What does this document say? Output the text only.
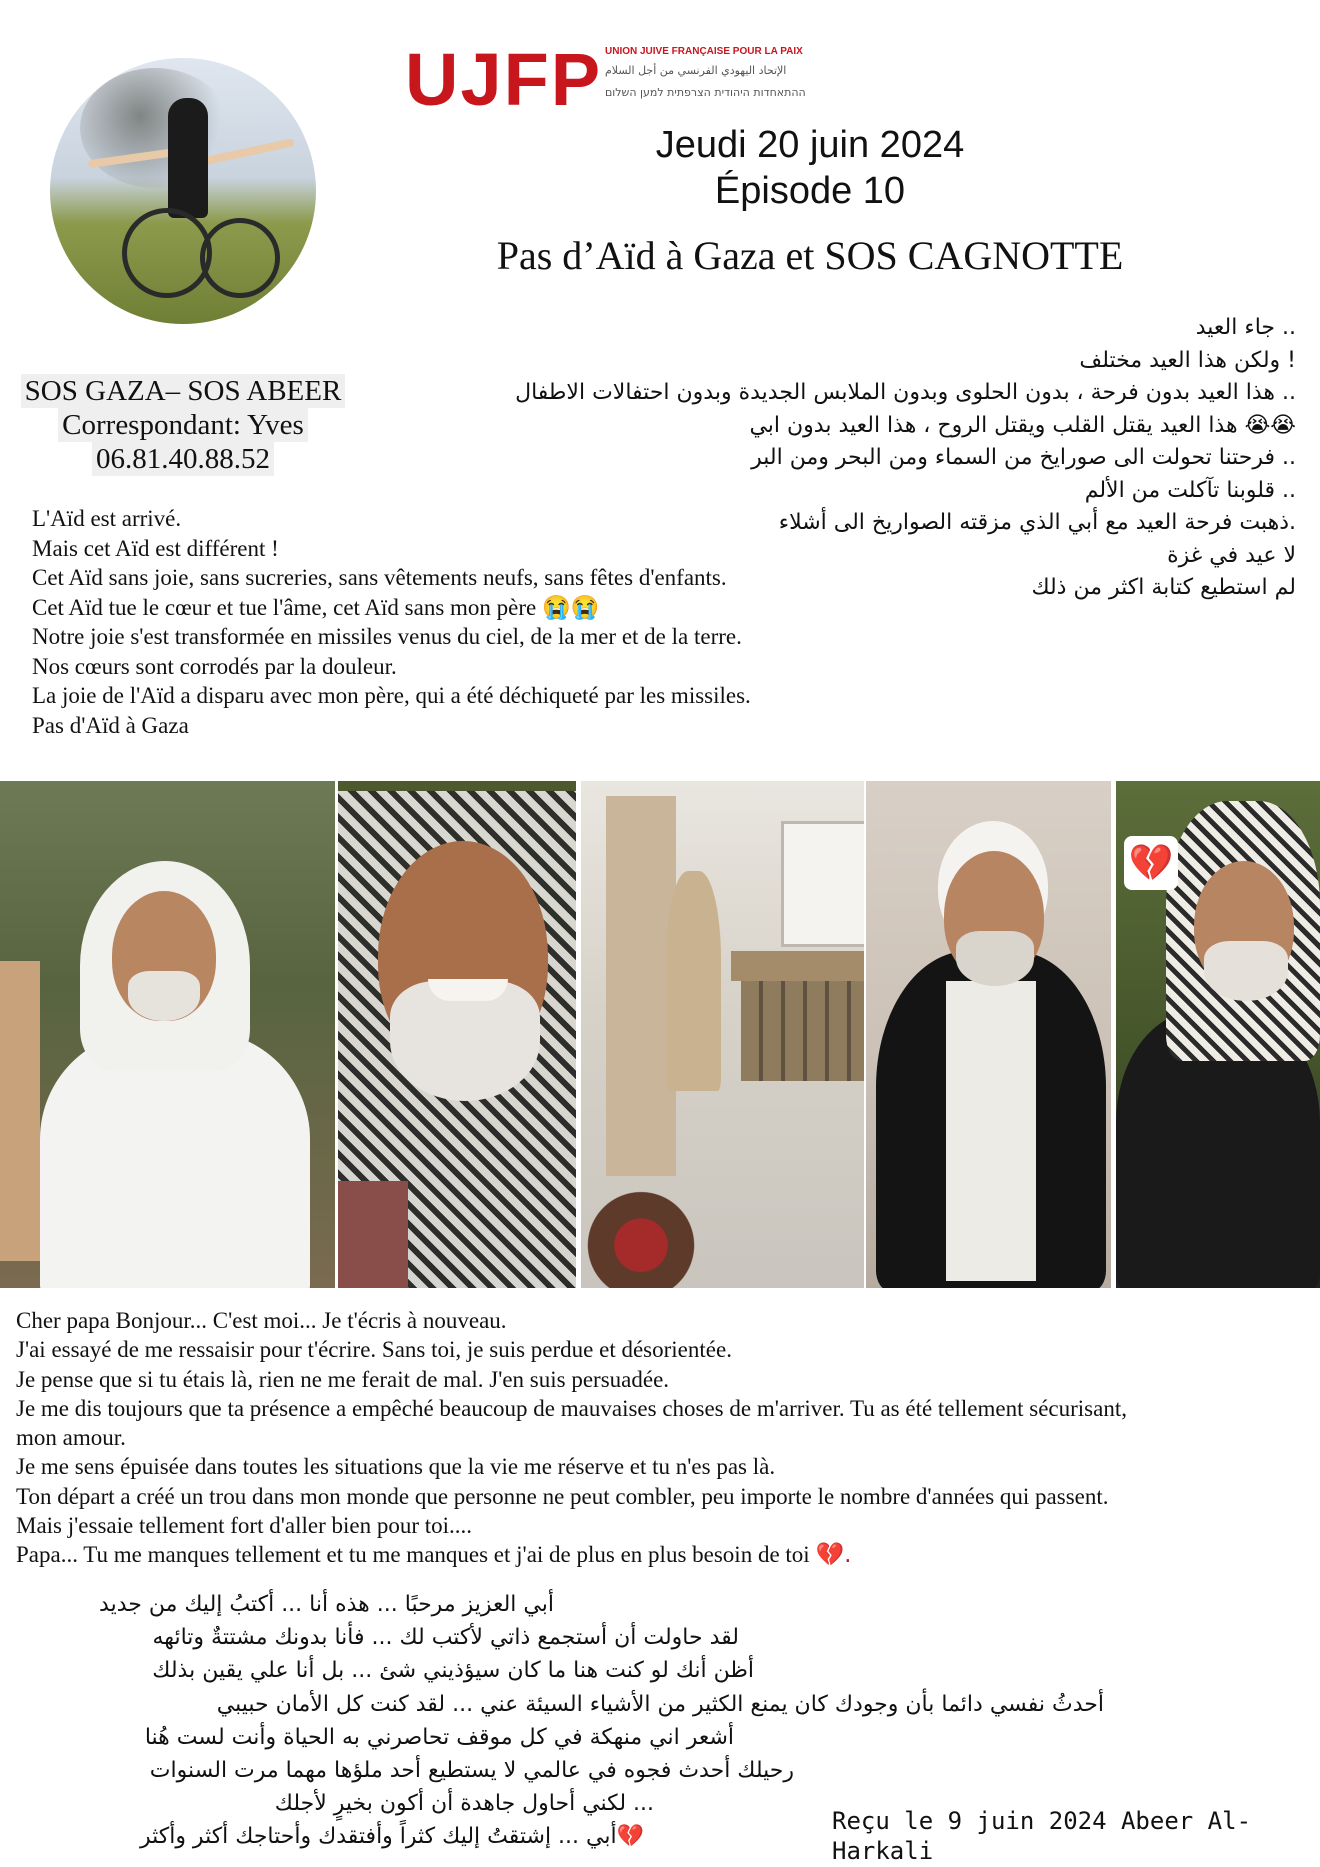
UJFP UNION JUIVE FRANÇAISE POUR LA PAIX
الإتحاد اليهودي الفرنسي من أجل السلام
ההתאחדות היהודית הצרפתית למען השלום
Jeudi 20 juin 2024
Épisode 10
Pas d’Aïd à Gaza et SOS CAGNOTTE
.. جاء العيد
! ولكن هذا العيد مختلف
.. هذا العيد بدون فرحة ، بدون الحلوى وبدون الملابس الجديدة وبدون احتفالات الاطفال
😭😭 هذا العيد يقتل القلب ويقتل الروح ، هذا العيد بدون ابي
.. فرحتنا تحولت الى صورايخ من السماء ومن البحر ومن البر
.. قلوبنا تآكلت من الألم
.ذهبت فرحة العيد مع أبي الذي مزقته الصواريخ الى أشلاء
لا عيد في غزة
لم استطيع كتابة اكثر من ذلك
SOS GAZA– SOS ABEER
Correspondant: Yves
06.81.40.88.52
L'Aïd est arrivé.
Mais cet Aïd est différent !
Cet Aïd sans joie, sans sucreries, sans vêtements neufs, sans fêtes d'enfants.
Cet Aïd tue le cœur et tue l'âme, cet Aïd sans mon père 😭😭
Notre joie s'est transformée en missiles venus du ciel, de la mer et de la terre.
Nos cœurs sont corrodés par la douleur.
La joie de l'Aïd a disparu avec mon père, qui a été déchiqueté par les missiles.
Pas d'Aïd à Gaza
💔
Cher papa Bonjour... C'est moi... Je t'écris à nouveau.
J'ai essayé de me ressaisir pour t'écrire. Sans toi, je suis perdue et désorientée.
Je pense que si tu étais là, rien ne me ferait de mal. J'en suis persuadée.
Je me dis toujours que ta présence a empêché beaucoup de mauvaises choses de m'arriver. Tu as été tellement sécurisant,
mon amour.
Je me sens épuisée dans toutes les situations que la vie me réserve et tu n'es pas là.
Ton départ a créé un trou dans mon monde que personne ne peut combler, peu importe le nombre d'années qui passent.
Mais j'essaie tellement fort d'aller bien pour toi....
Papa... Tu me manques tellement et tu me manques et j'ai de plus en plus besoin de toi 💔.
أبي العزيز مرحبًا ... هذه أنا ... أكتبُ إليك من جديد
لقد حاولت أن أستجمع ذاتي لأكتب لك ... فأنا بدونك مشتتةٌ وتائهه
أظن أنك لو كنت هنا ما كان سيؤذيني شئ ... بل أنا علي يقين بذلك
أحدثُ نفسي دائما بأن وجودك كان يمنع الكثير من الأشياء السيئة عني ... لقد كنت كل الأمان حبيبي
أشعر اني منهكة في كل موقف تحاصرني به الحياة وأنت لست هُنا
رحيلك أحدث فجوه في عالمي لا يستطيع أحد ملؤها مهما مرت السنوات
... لكني أحاول جاهدة أن أكون بخيرٍ لأجلك
💔أبي ... إشتقتُ إليك كثراً وأفتقدك وأحتاجك أكثر وأكثر
Reçu le 9 juin 2024 Abeer Al-Harkali
